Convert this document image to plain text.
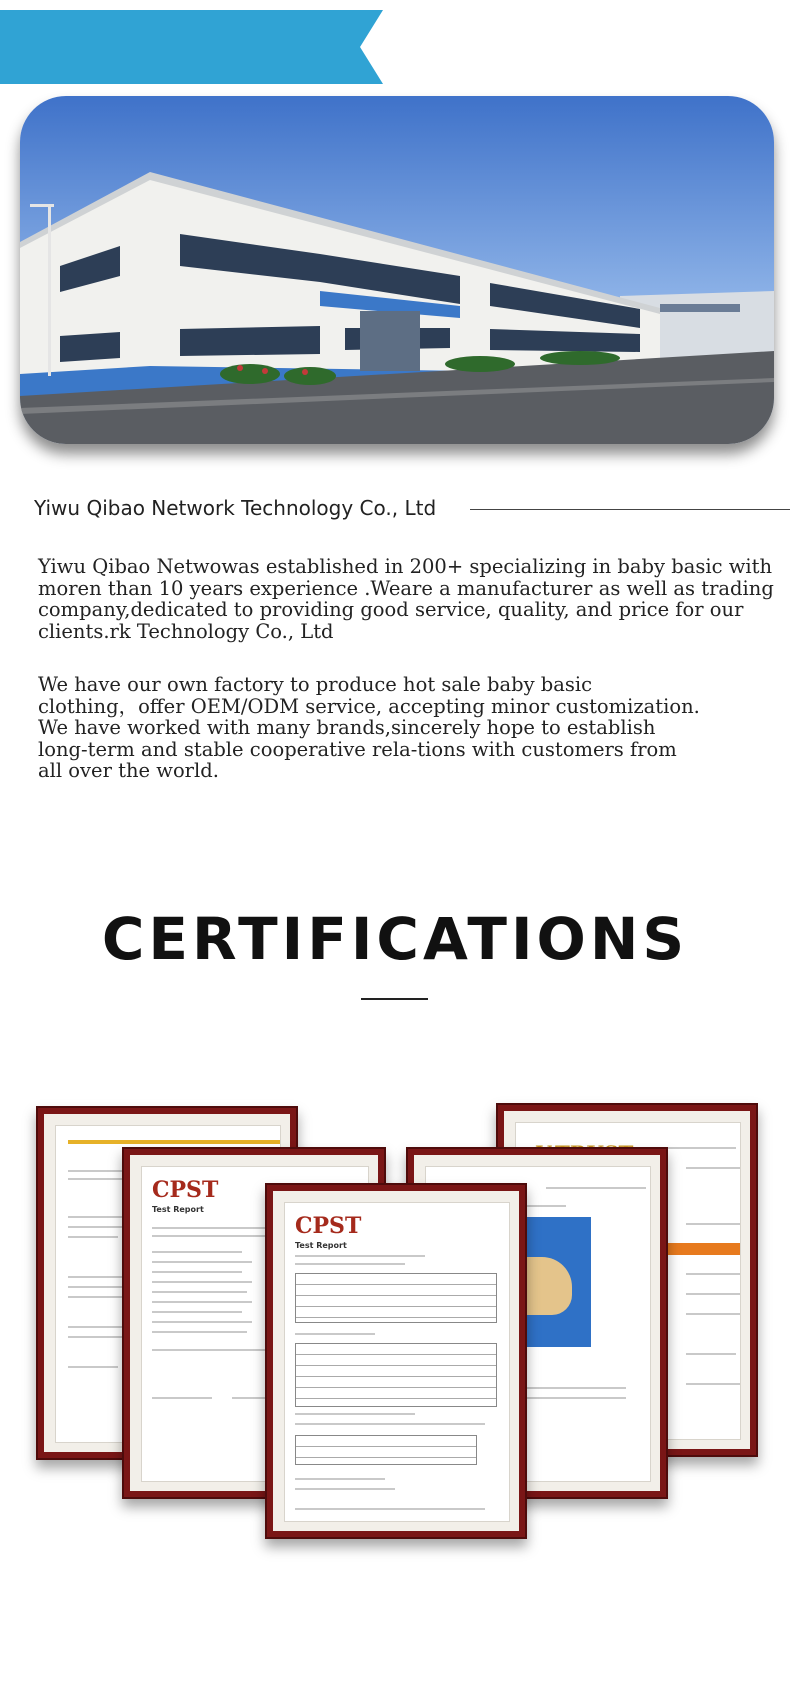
Yiwu Qibao Network Technology Co., Ltd
Yiwu Qibao Netwowas established in 200+ specializing in baby basic with
moren than 10 years experience .Weare a manufacturer as well as trading
company,dedicated to providing good service, quality, and price for our
clients.rk Technology Co., Ltd
We have our own factory to produce hot sale baby basic
clothing，offer OEM/ODM service, accepting minor customization.
We have worked with many brands,sincerely hope to establish
long-term and stable cooperative rela-tions with customers from
all over the world.
CERTIFICATIONS
CPST
Test Report
CPST
Test Report
